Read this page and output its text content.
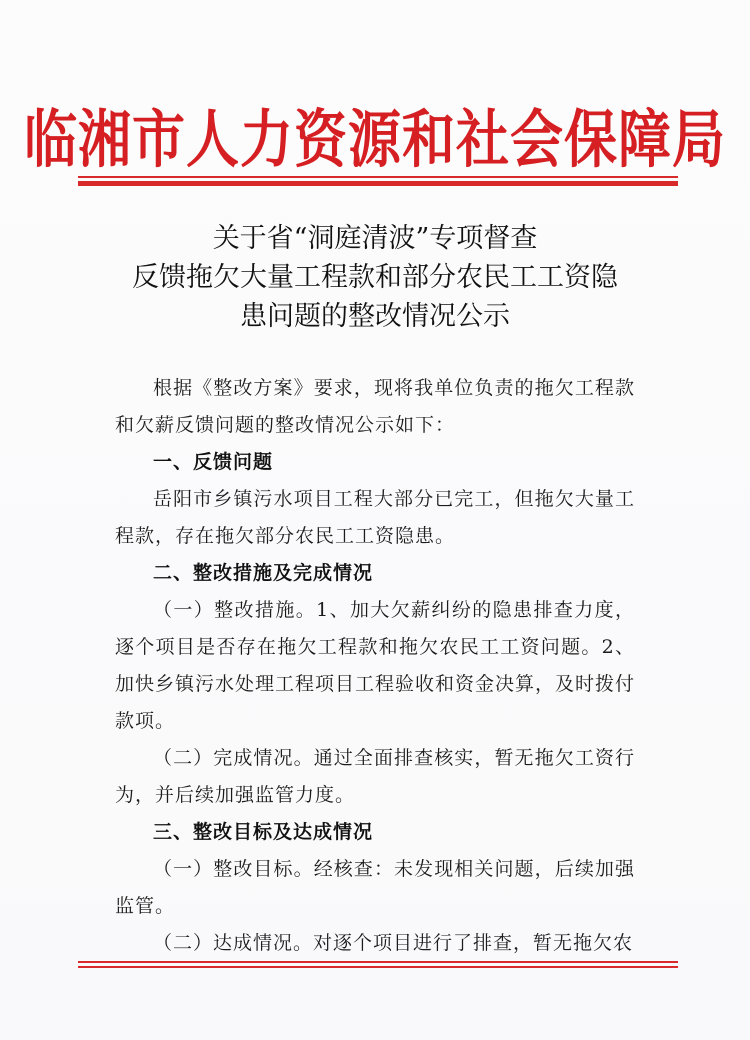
临湘市人力资源和社会保障局
关于省“洞庭清波”专项督查
反馈拖欠大量工程款和部分农民工工资隐
患问题的整改情况公示
根据《整改方案》要求，现将我单位负责的拖欠工程款和欠薪反馈问题的整改情况公示如下：
一、反馈问题
岳阳市乡镇污水项目工程大部分已完工，但拖欠大量工程款，存在拖欠部分农民工工资隐患。
二、整改措施及完成情况
（一）整改措施。1、加大欠薪纠纷的隐患排查力度，逐个项目是否存在拖欠工程款和拖欠农民工工资问题。2、加快乡镇污水处理工程项目工程验收和资金决算，及时拨付款项。
（二）完成情况。通过全面排查核实，暂无拖欠工资行为，并后续加强监管力度。
三、整改目标及达成情况
（一）整改目标。经核查：未发现相关问题，后续加强监管。
（二）达成情况。对逐个项目进行了排查，暂无拖欠农
